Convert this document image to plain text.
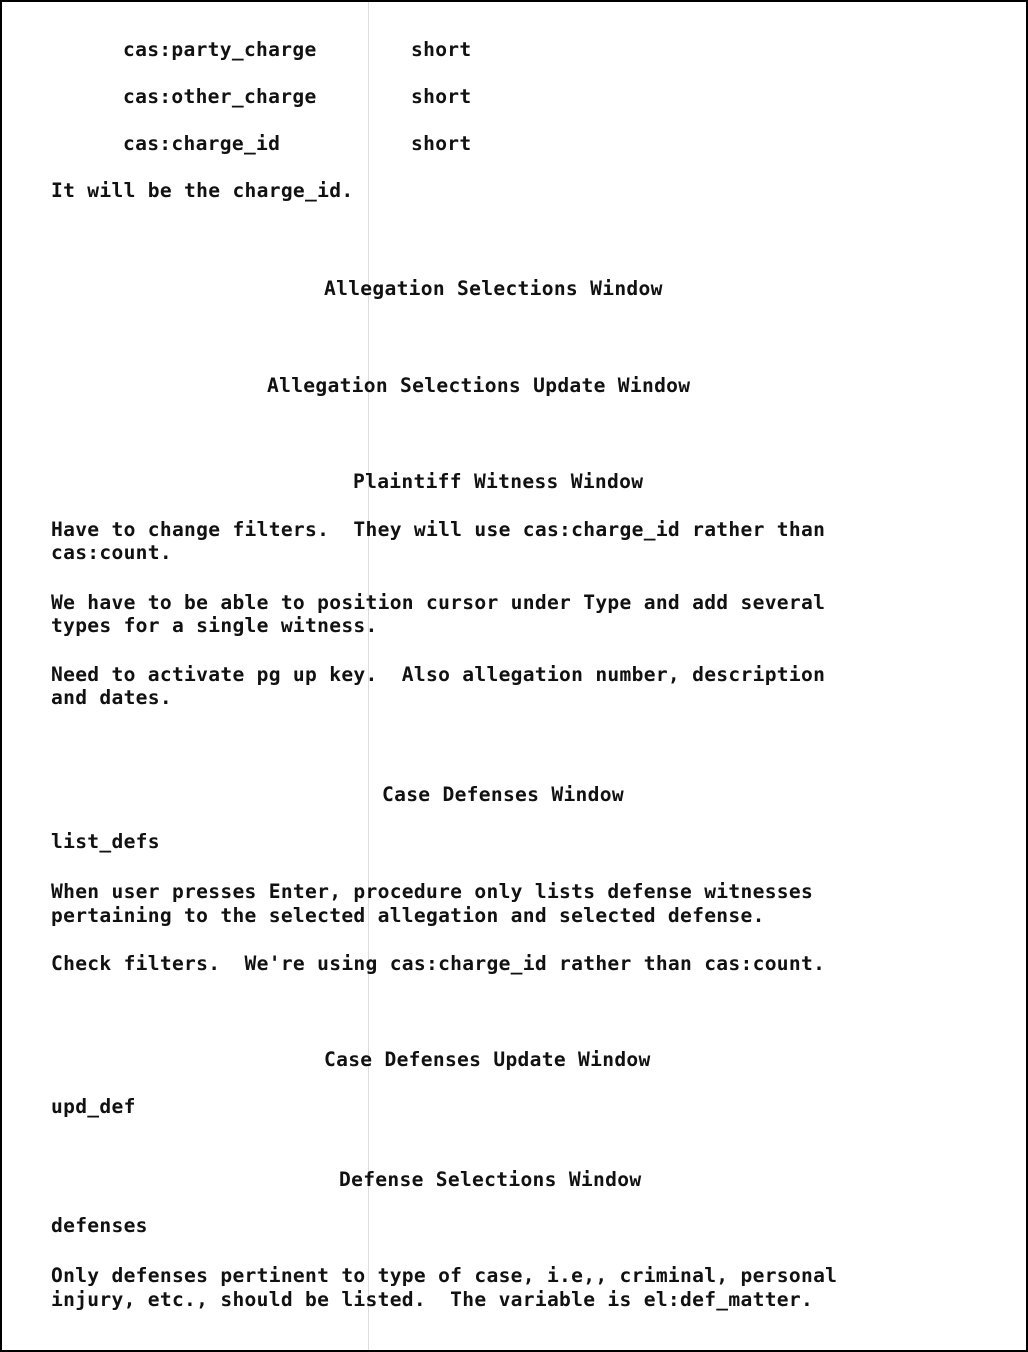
cas:party_charge	short
cas:other_charge	short
cas:charge_id	short
It will be the charge_id.
Allegation Selections Window
Allegation Selections Update Window
Plaintiff Witness Window
Have to change filters.  They will use cas:charge_id rather than
cas:count.
We have to be able to position cursor under Type and add several
types for a single witness.
Need to activate pg up key.  Also allegation number, description
and dates.
Case Defenses Window
list_defs
When user presses Enter, procedure only lists defense witnesses
pertaining to the selected allegation and selected defense.
Check filters.  We're using cas:charge_id rather than cas:count.
Case Defenses Update Window
upd_def
Defense Selections Window
defenses
Only defenses pertinent to type of case, i.e,, criminal, personal
injury, etc., should be listed.  The variable is el:def_matter.
